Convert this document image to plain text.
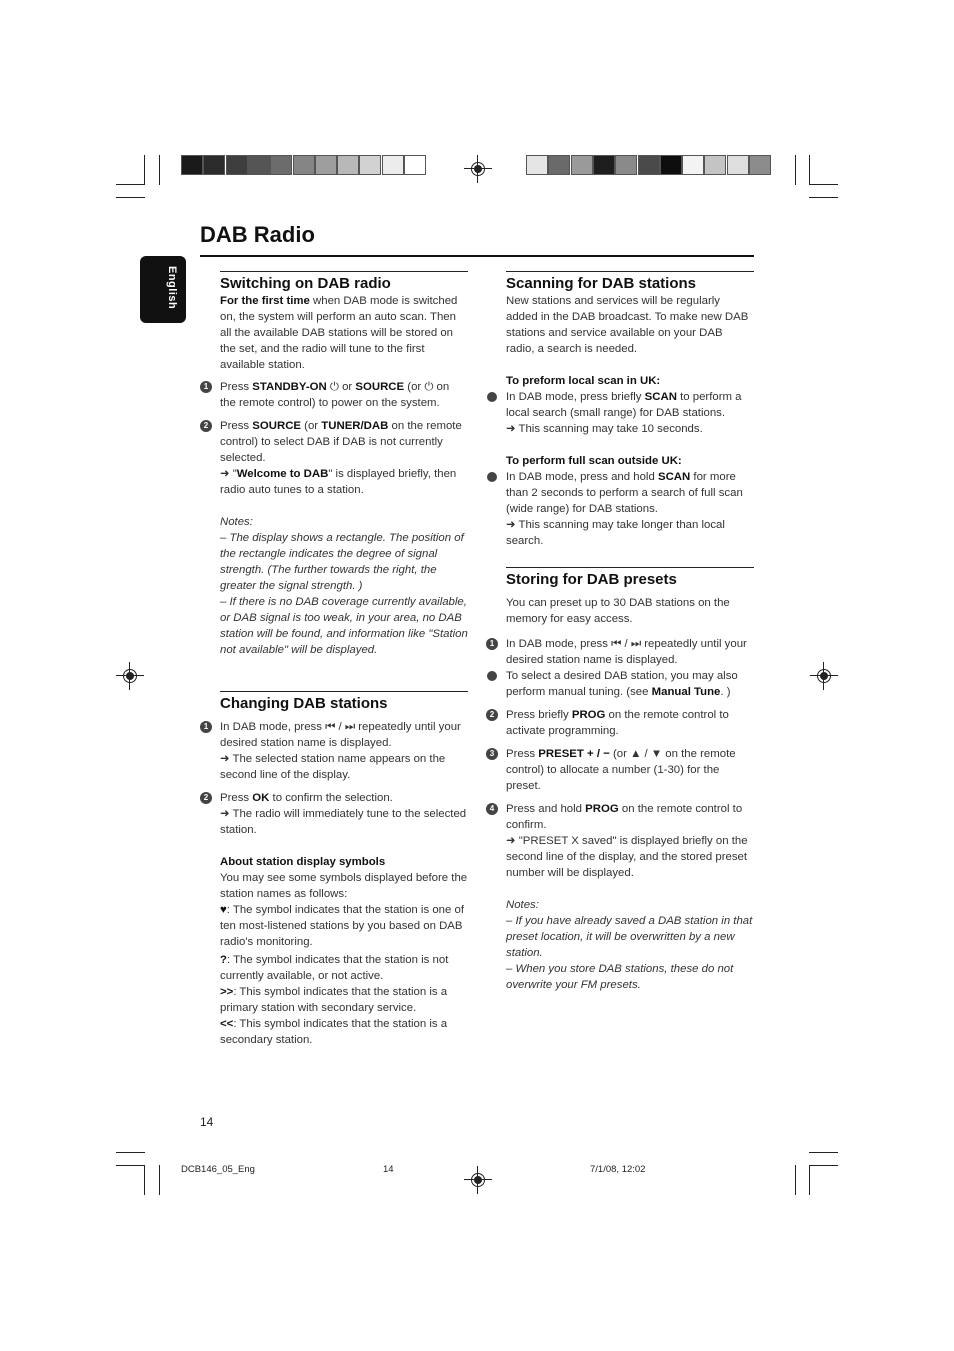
English
DAB Radio
Switching on DAB radio

For the first time when DAB mode is switched on, the system will perform an auto scan. Then all the available DAB stations will be stored on the set, and the radio will tune to the first available station.

1	Press STANDBY-ON ⏻ or SOURCE (or ⏻ on the remote control) to power on the system.
2	Press SOURCE (or TUNER/DAB on the remote control) to select DAB if DAB is not currently selected.
➜ "Welcome to DAB" is displayed briefly, then radio auto tunes to a station.

Notes:

– The display shows a rectangle. The position of the rectangle indicates the degree of signal strength. (The further towards the right, the greater the signal strength. )

– If there is no DAB coverage currently available, or DAB signal is too weak, in your area, no DAB station will be found, and information like "Station not available" will be displayed.

Changing DAB stations
1	In DAB mode, press ⏮ / ⏭ repeatedly until your desired station name is displayed.
➜ The selected station name appears on the second line of the display.
2	Press OK to confirm the selection.
➜ The radio will immediately tune to the selected station.

About station display symbols

You may see some symbols displayed before the station names as follows:

♥: The symbol indicates that the station is one of ten most-listened stations by you based on DAB radio's monitoring.

?: The symbol indicates that the station is not currently available, or not active.

>>: This symbol indicates that the station is a primary station with secondary service.

<<: This symbol indicates that the station is a secondary station.

Scanning for DAB stations

New stations and services will be regularly added in the DAB broadcast. To make new DAB stations and service available on your DAB radio, a search is needed.

To preform local scan in UK:

In DAB mode, press briefly SCAN to perform a local search (small range) for DAB stations.
➜ This scanning may take 10 seconds.

To perform full scan outside UK:

In DAB mode, press and hold SCAN for more than 2 seconds to perform a search of full scan (wide range) for DAB stations.
➜ This scanning may take longer than local search.
Storing for DAB presets

You can preset up to 30 DAB stations on the memory for easy access.

1	In DAB mode, press ⏮ / ⏭ repeatedly until your desired station name is displayed.
To select a desired DAB station, you may also perform manual tuning. (see Manual Tune. )
2	Press briefly PROG on the remote control to activate programming.
3	Press PRESET + / − (or ▲ / ▼ on the remote control) to allocate a number (1-30) for the preset.
4	Press and hold PROG on the remote control to confirm.
➜ "PRESET X saved" is displayed briefly on the second line of the display, and the stored preset number will be displayed.

Notes:

– If you have already saved a DAB station in that preset location, it will be overwritten by a new station.

– When you store DAB stations, these do not overwrite your FM presets.

14
DCB146_05_Eng	14	7/1/08, 12:02
